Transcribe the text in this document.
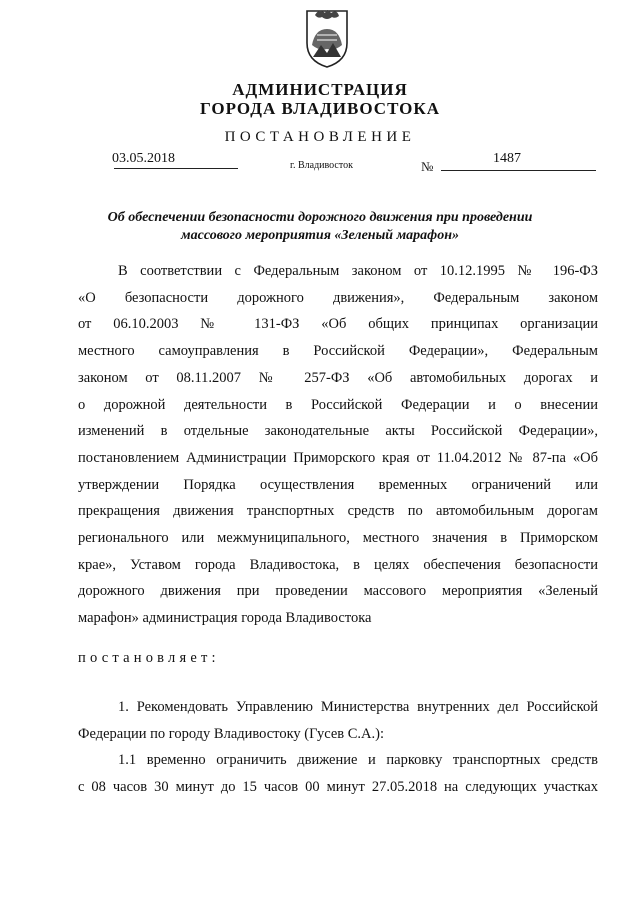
АДМИНИСТРАЦИЯ
ГОРОДА ВЛАДИВОСТОКА
ПОСТАНОВЛЕНИЕ
03.05.2018	г. Владивосток	№
1487
Об обеспечении безопасности дорожного движения при проведении
массового мероприятия «Зеленый марафон»
В соответствии с Федеральным законом от 10.12.1995 № 196-ФЗ
«О безопасности дорожного движения», Федеральным законом
от 06.10.2003 № 131-ФЗ «Об общих принципах организации
местного самоуправления в Российской Федерации», Федеральным
законом от 08.11.2007 № 257-ФЗ «Об автомобильных дорогах и
о дорожной деятельности в Российской Федерации и о внесении
изменений в отдельные законодательные акты Российской Федерации»,
постановлением Администрации Приморского края от 11.04.2012 № 87-па «Об
утверждении Порядка осуществления временных ограничений или
прекращения движения транспортных средств по автомобильным дорогам
регионального или межмуниципального, местного значения в Приморском
крае», Уставом города Владивостока, в целях обеспечения безопасности
дорожного движения при проведении массового мероприятия «Зеленый
марафон» администрация города Владивостока
постановляет:
1. Рекомендовать Управлению Министерства внутренних дел Российской
Федерации по городу Владивостоку (Гусев С.А.):
1.1 временно ограничить движение и парковку транспортных средств
с 08 часов 30 минут до 15 часов 00 минут 27.05.2018 на следующих участках
